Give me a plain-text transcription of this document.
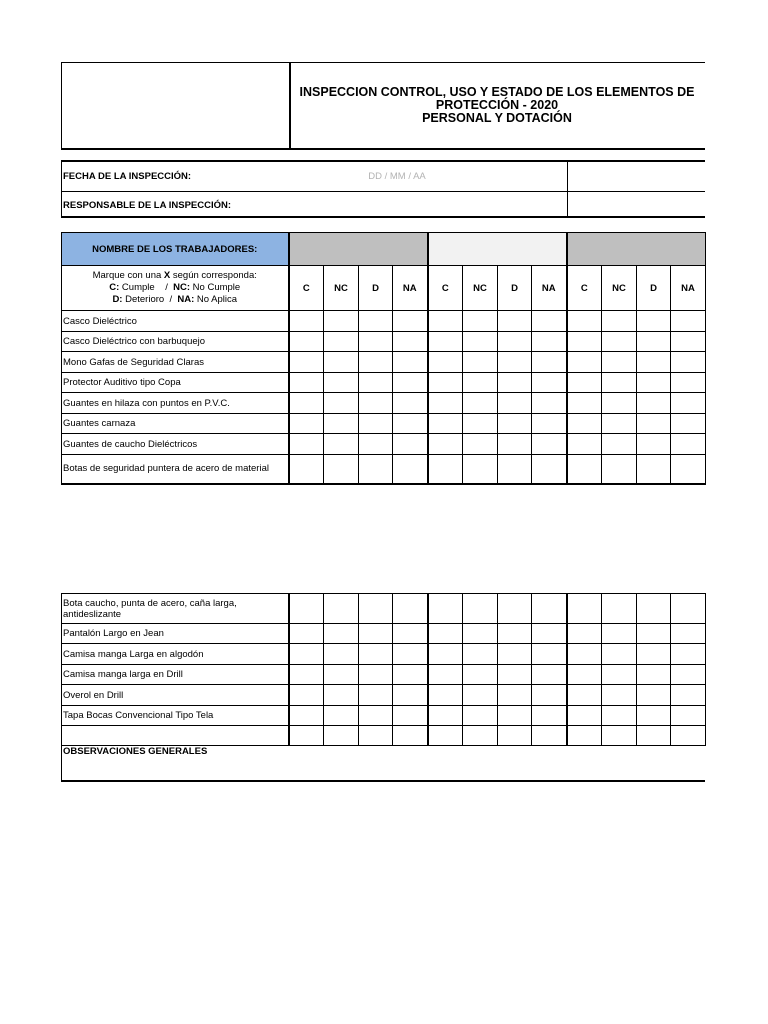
INSPECCION CONTROL, USO Y ESTADO DE LOS ELEMENTOS DE
PROTECCIÓN - 2020
PERSONAL Y DOTACIÓN
FECHA DE LA INSPECCIÓN:	DD / MM / AA
RESPONSABLE DE LA INSPECCIÓN:
NOMBRE DE LOS TRABAJADORES:												
Marque con una X según corresponda:
C: Cumple    /  NC: No Cumple
D: Deterioro  /  NA: No Aplica	C	NC	D	NA	C	NC	D	NA	C	NC	D	NA
Casco Dieléctrico												
Casco Dieléctrico con barbuquejo												
Mono Gafas de Seguridad Claras												
Protector Auditivo tipo Copa												
Guantes en hilaza con puntos en P.V.C.												
Guantes carnaza												
Guantes de caucho Dieléctricos												
Botas de seguridad puntera de acero de material												
Bota caucho, punta de acero, caña larga, antideslizante												
Pantalón Largo en Jean												
Camisa manga Larga en algodón												
Camisa manga larga en Drill												
Overol en Drill												
Tapa Bocas Convencional Tipo Tela												

OBSERVACIONES GENERALES
